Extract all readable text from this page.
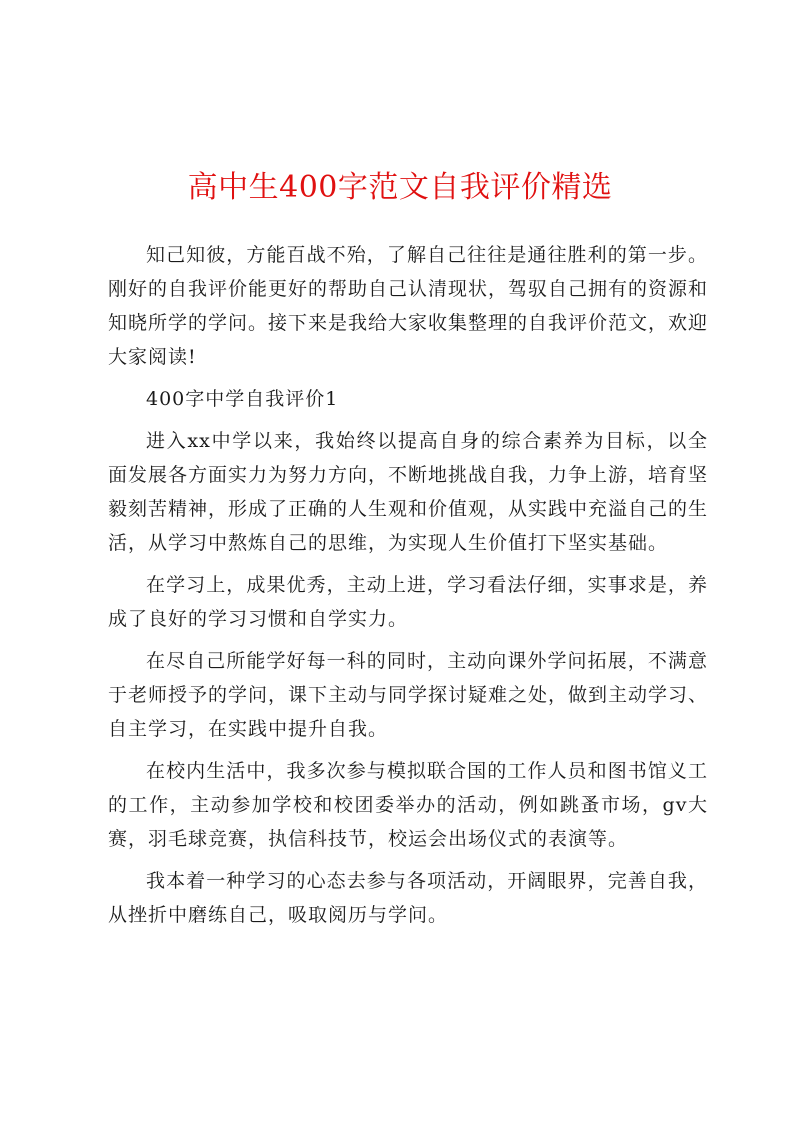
高中生400字范文自我评价精选

知己知彼，方能百战不殆，了解自己往往是通往胜利的第一步。刚好的自我评价能更好的帮助自己认清现状，驾驭自己拥有的资源和知晓所学的学问。接下来是我给大家收集整理的自我评价范文，欢迎大家阅读!

400字中学自我评价1

进入xx中学以来，我始终以提高自身的综合素养为目标，以全面发展各方面实力为努力方向，不断地挑战自我，力争上游，培育坚毅刻苦精神，形成了正确的人生观和价值观，从实践中充溢自己的生活，从学习中熬炼自己的思维，为实现人生价值打下坚实基础。

在学习上，成果优秀，主动上进，学习看法仔细，实事求是，养成了良好的学习习惯和自学实力。

在尽自己所能学好每一科的同时，主动向课外学问拓展，不满意于老师授予的学问，课下主动与同学探讨疑难之处，做到主动学习、自主学习，在实践中提升自我。

在校内生活中，我多次参与模拟联合国的工作人员和图书馆义工的工作，主动参加学校和校团委举办的活动，例如跳蚤市场，gv大赛，羽毛球竞赛，执信科技节，校运会出场仪式的表演等。

我本着一种学习的心态去参与各项活动，开阔眼界，完善自我，从挫折中磨练自己，吸取阅历与学问。
